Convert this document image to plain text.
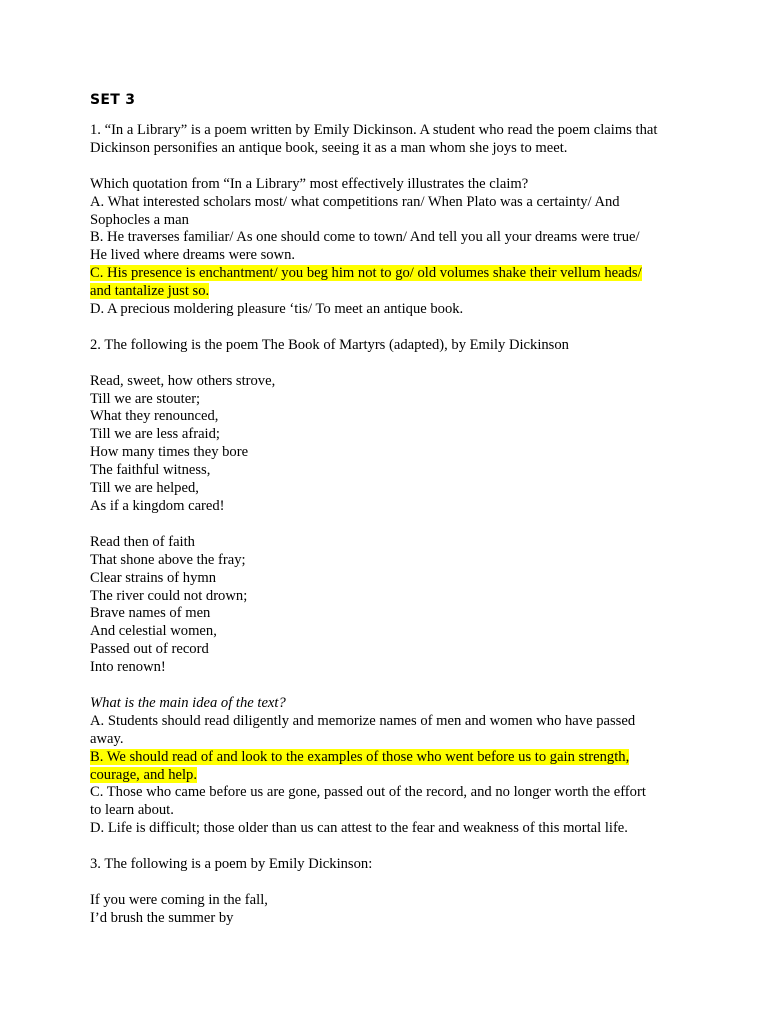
SET 3
1. “In a Library” is a poem written by Emily Dickinson. A student who read the poem claims that
Dickinson personifies an antique book, seeing it as a man whom she joys to meet.
Which quotation from “In a Library” most effectively illustrates the claim?
A. What interested scholars most/ what competitions ran/ When Plato was a certainty/ And
Sophocles a man
B. He traverses familiar/ As one should come to town/ And tell you all your dreams were true/
He lived where dreams were sown.
C. His presence is enchantment/ you beg him not to go/ old volumes shake their vellum heads/
and tantalize just so.
D. A precious moldering pleasure ‘tis/ To meet an antique book.
2. The following is the poem The Book of Martyrs (adapted), by Emily Dickinson
Read, sweet, how others strove,
Till we are stouter;
What they renounced,
Till we are less afraid;
How many times they bore
The faithful witness,
Till we are helped,
As if a kingdom cared!
Read then of faith
That shone above the fray;
Clear strains of hymn
The river could not drown;
Brave names of men
And celestial women,
Passed out of record
Into renown!
What is the main idea of the text?
A. Students should read diligently and memorize names of men and women who have passed
away.
B. We should read of and look to the examples of those who went before us to gain strength,
courage, and help.
C. Those who came before us are gone, passed out of the record, and no longer worth the effort
to learn about.
D. Life is difficult; those older than us can attest to the fear and weakness of this mortal life.
3. The following is a poem by Emily Dickinson:
If you were coming in the fall,
I’d brush the summer by
